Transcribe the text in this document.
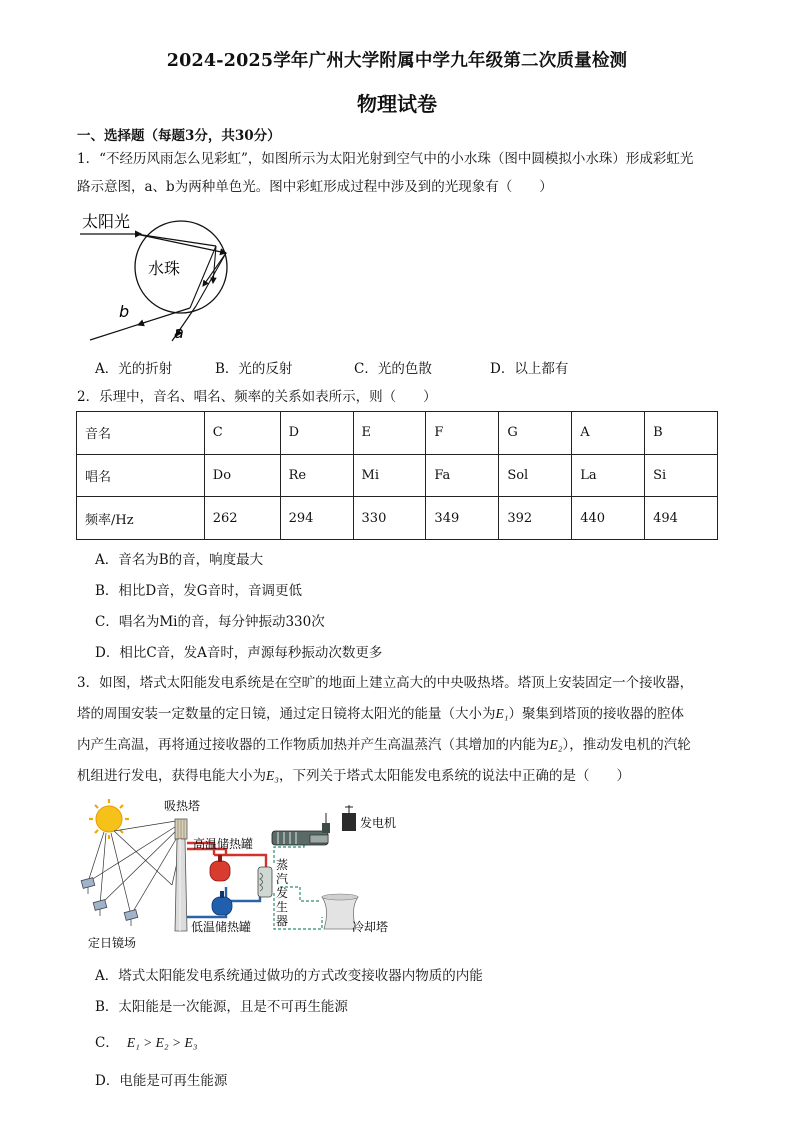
2024-2025学年广州大学附属中学九年级第二次质量检测
物理试卷
一、选择题（每题3分，共30分）
1．“不经历风雨怎么见彩虹”，如图所示为太阳光射到空气中的小水珠（图中圆模拟小水珠）形成彩虹光
路示意图，a、b为两种单色光。图中彩虹形成过程中涉及到的光现象有（　　）
太阳光
水珠
b
a
A．光的折射	B．光的反射	C．光的色散	D．以上都有
2．乐理中，音名、唱名、频率的关系如表所示，则（　　）
音名	C	D	E	F	G	A	B
唱名	Do	Re	Mi	Fa	Sol	La	Si
频率/Hz	262	294	330	349	392	440	494
A．音名为B的音，响度最大
B．相比D音，发G音时，音调更低
C．唱名为Mi的音，每分钟振动330次
D．相比C音，发A音时，声源每秒振动次数更多
3．如图，塔式太阳能发电系统是在空旷的地面上建立高大的中央吸热塔。塔顶上安装固定一个接收器，
塔的周围安装一定数量的定日镜，通过定日镜将太阳光的能量（大小为E₁）聚集到塔顶的接收器的腔体
内产生高温，再将通过接收器的工作物质加热并产生高温蒸汽（其增加的内能为E₂），推动发电机的汽轮
机组进行发电，获得电能大小为E₃，下列关于塔式太阳能发电系统的说法中正确的是（　　）
吸热塔
发电机
高温储热罐
低温储热罐	冷却塔
定日镜场
蒸 汽 发 生 器
A．塔式太阳能发电系统通过做功的方式改变接收器内物质的内能
B．太阳能是一次能源，且是不可再生能源
C． E₁ > E₂ > E₃
D．电能是可再生能源
